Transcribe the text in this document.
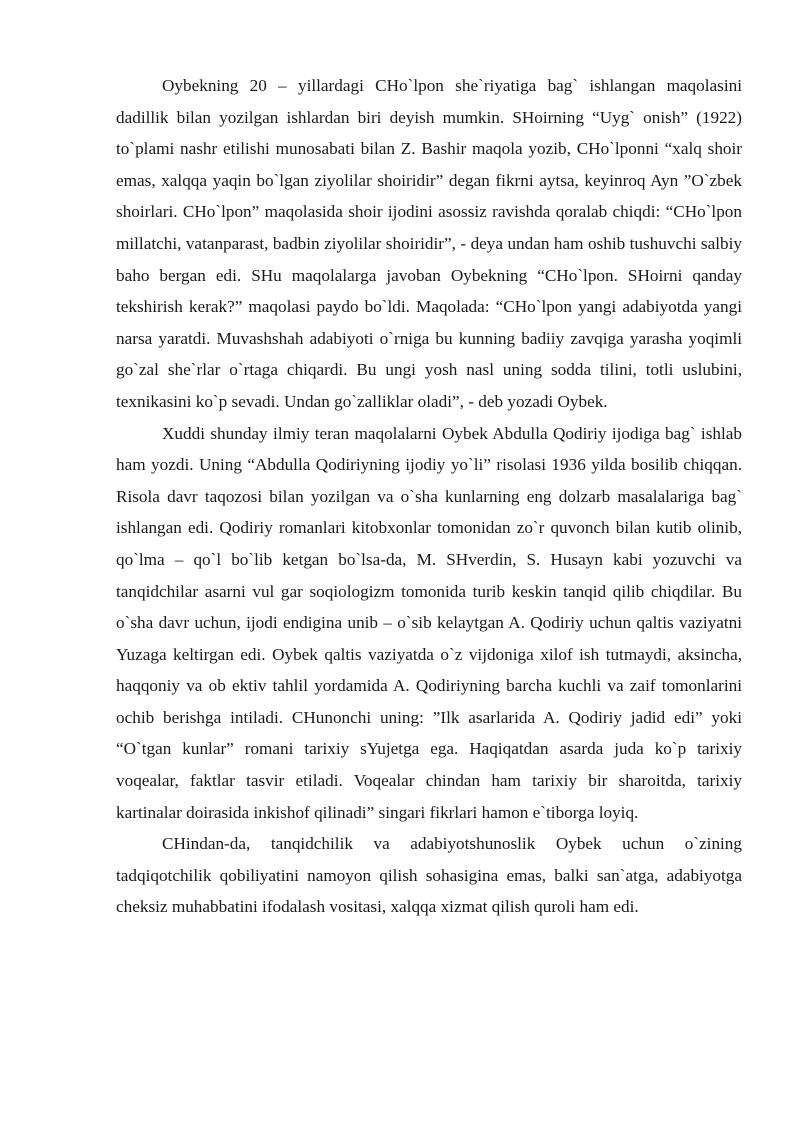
Oybekning 20 – yillardagi CHo`lpon she`riyatiga bag` ishlangan maqolasini dadillik bilan yozilgan ishlardan biri deyish mumkin. SHoirning “Uyg` onish” (1922) to`plami nashr etilishi munosabati bilan Z. Bashir maqola yozib, CHo`lponni “xalq shoir emas, xalqqa yaqin bo`lgan ziyolilar shoiridir” degan fikrni aytsa, keyinroq Ayn ”O`zbek shoirlari. CHo`lpon” maqolasida shoir ijodini asossiz ravishda qoralab chiqdi: “CHo`lpon millatchi, vatanparast, badbin ziyolilar shoiridir”, - deya undan ham oshib tushuvchi salbiy baho bergan edi. SHu maqolalarga javoban Oybekning “CHo`lpon. SHoirni qanday tekshirish kerak?” maqolasi paydo bo`ldi. Maqolada: “CHo`lpon yangi adabiyotda yangi narsa yaratdi. Muvashshah adabiyoti o`rniga bu kunning badiiy zavqiga yarasha yoqimli go`zal she`rlar o`rtaga chiqardi. Bu ungi yosh nasl uning sodda tilini, totli uslubini, texnikasini ko`p sevadi. Undan go`zalliklar oladi”, - deb yozadi Oybek.

Xuddi shunday ilmiy teran maqolalarni Oybek Abdulla Qodiriy ijodiga bag` ishlab ham yozdi. Uning “Abdulla Qodiriyning ijodiy yo`li” risolasi 1936 yilda bosilib chiqqan. Risola davr taqozosi bilan yozilgan va o`sha kunlarning eng dolzarb masalalariga bag` ishlangan edi. Qodiriy romanlari kitobxonlar tomonidan zo`r quvonch bilan kutib olinib, qo`lma – qo`l bo`lib ketgan bo`lsa-da, M. SHverdin, S. Husayn kabi yozuvchi va tanqidchilar asarni vul gar soqiologizm tomonida turib keskin tanqid qilib chiqdilar. Bu o`sha davr uchun, ijodi endigina unib – o`sib kelaytgan A. Qodiriy uchun qaltis vaziyatni Yuzaga keltirgan edi. Oybek qaltis vaziyatda o`z vijdoniga xilof ish tutmaydi, aksincha, haqqoniy va ob ektiv tahlil yordamida A. Qodiriyning barcha kuchli va zaif tomonlarini ochib berishga intiladi. CHunonchi uning: ”Ilk asarlarida A. Qodiriy jadid edi” yoki “O`tgan kunlar” romani tarixiy sYujetga ega. Haqiqatdan asarda juda ko`p tarixiy voqealar, faktlar tasvir etiladi. Voqealar chindan ham tarixiy bir sharoitda, tarixiy kartinalar doirasida inkishof qilinadi” singari fikrlari hamon e`tiborga loyiq.

CHindan-da, tanqidchilik va adabiyotshunoslik Oybek uchun o`zining tadqiqotchilik qobiliyatini namoyon qilish sohasigina emas, balki san`atga, adabiyotga cheksiz muhabbatini ifodalash vositasi, xalqqa xizmat qilish quroli ham edi.
